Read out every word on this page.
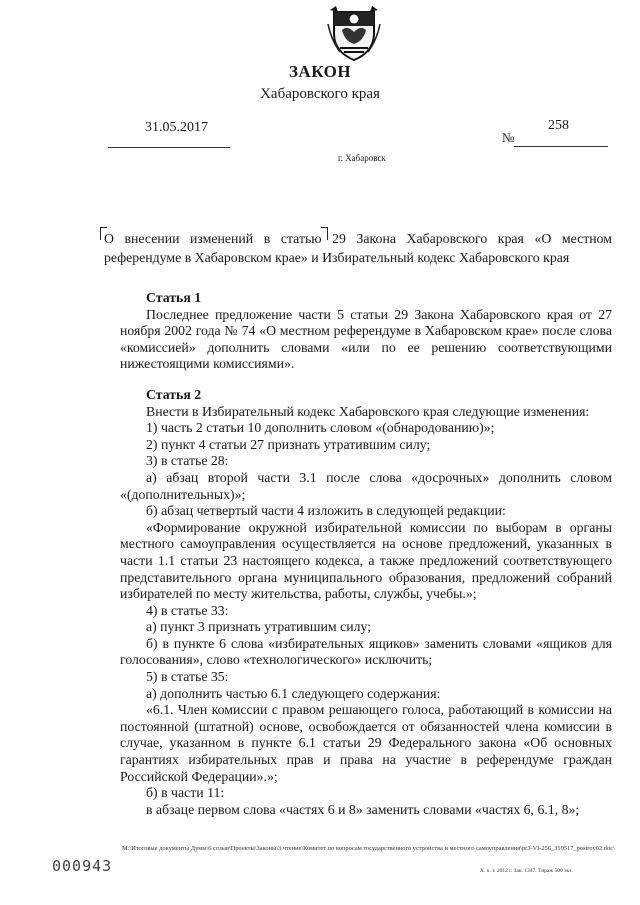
ЗАКОН
Хабаровского края
31.05.2017
№
258
г. Хабаровск
О внесении изменений в статью 29 Закона Хабаровского края «О местном референдуме в Хабаровском крае» и Избирательный кодекс Хабаровского края
Статья 1

Последнее предложение части 5 статьи 29 Закона Хабаровского края от 27 ноября 2002 года № 74 «О местном референдуме в Хабаровском крае» после слова «комиссией» дополнить словами «или по ее решению соответствующими нижестоящими комиссиями».

Статья 2

Внести в Избирательный кодекс Хабаровского края следующие изменения:

1) часть 2 статьи 10 дополнить словом «(обнародованию)»;

2) пункт 4 статьи 27 признать утратившим силу;

3) в статье 28:

а) абзац второй части 3.1 после слова «досрочных» дополнить словом «(дополнительных)»;

б) абзац четвертый части 4 изложить в следующей редакции:

«Формирование окружной избирательной комиссии по выборам в органы местного самоуправления осуществляется на основе предложений, указанных в части 1.1 статьи 23 настоящего кодекса, а также предложений соответствующего представительного органа муниципального образования, предложений собраний избирателей по месту жительства, работы, службы, учебы.»;

4) в статье 33:

а) пункт 3 признать утратившим силу;

б) в пункте 6 слова «избирательных ящиков» заменить словами «ящиков для голосования», слово «технологического» исключить;

5) в статье 35:

а) дополнить частью 6.1 следующего содержания:

«6.1. Член комиссии с правом решающего голоса, работающий в комиссии на постоянной (штатной) основе, освобождается от обязанностей члена комиссии в случае, указанном в пункте 6.1 статьи 29 Федерального закона «Об основных гарантиях избирательных прав и права на участие в референдуме граждан Российской Федерации».»;

б) в части 11:

в абзаце первом слова «частях 6 и 8» заменить словами «частях 6, 6.1, 8»;

M:\Итоговые документы Думы\6 созыв\Проекты\Законы\3 чтение\Комитет по вопросам государственного устройства и местного самоуправления\pr3-VI-256_310517_postroy02.doc\
000943	Х. к. т. 2012 г. Зак. 1347. Тираж 500 экз.
